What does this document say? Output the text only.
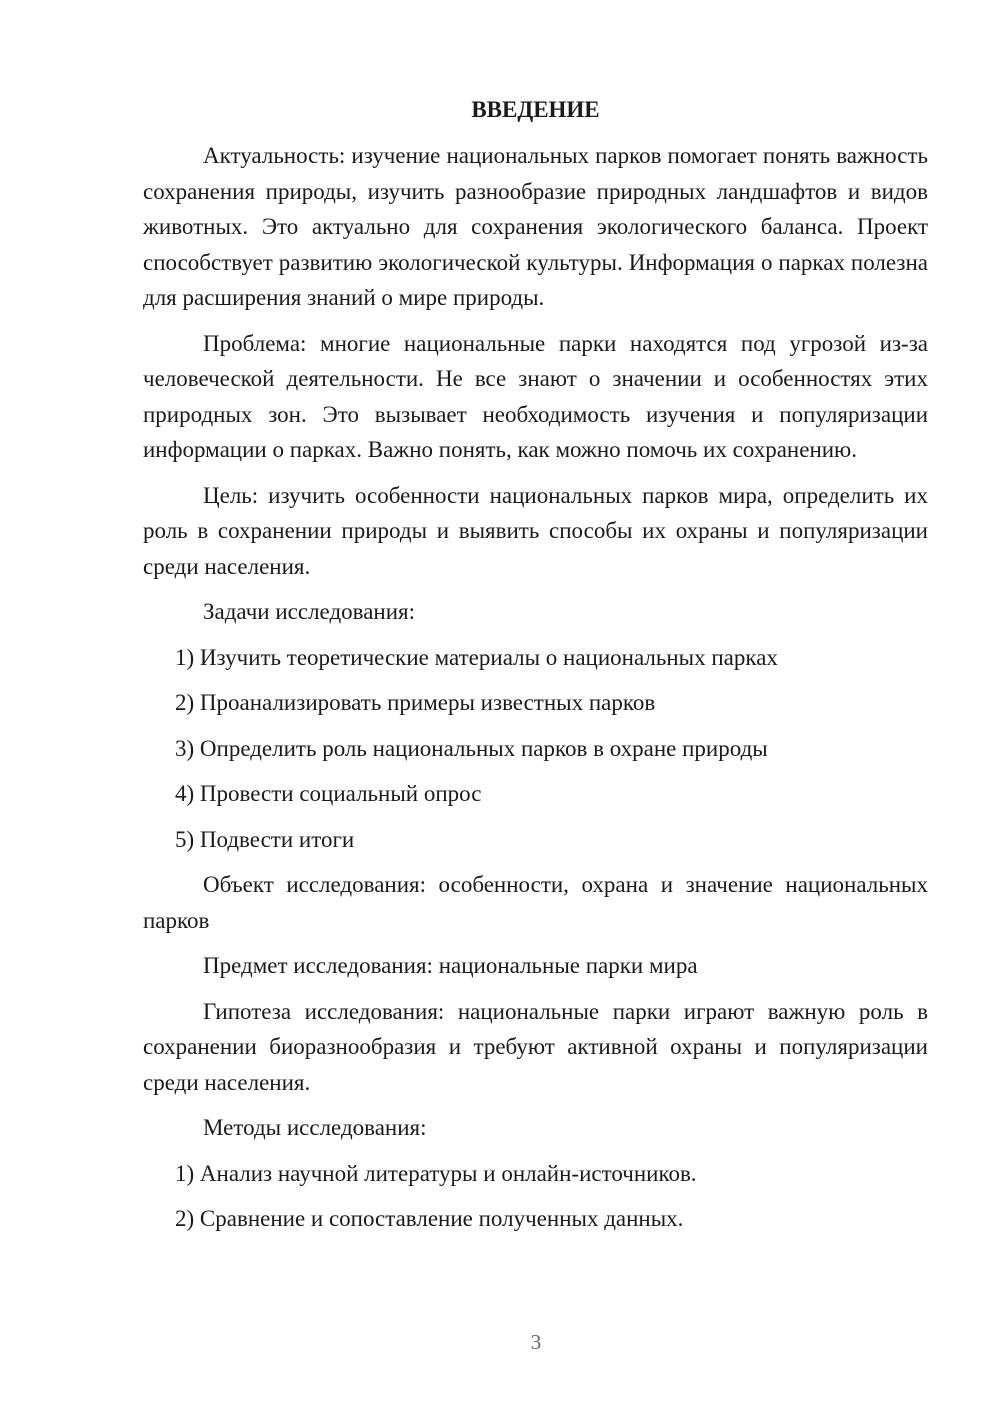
ВВЕДЕНИЕ

Актуальность: изучение национальных парков помогает понять важность сохранения природы, изучить разнообразие природных ландшафтов и видов животных. Это актуально для сохранения экологического баланса. Проект способствует развитию экологической культуры. Информация о парках полезна для расширения знаний о мире природы.

Проблема: многие национальные парки находятся под угрозой из-за человеческой деятельности. Не все знают о значении и особенностях этих природных зон. Это вызывает необходимость изучения и популяризации информации о парках. Важно понять, как можно помочь их сохранению.

Цель: изучить особенности национальных парков мира, определить их роль в сохранении природы и выявить способы их охраны и популяризации среди населения.

Задачи исследования:

1) Изучить теоретические материалы о национальных парках
2) Проанализировать примеры известных парков
3) Определить роль национальных парков в охране природы
4) Провести социальный опрос
5) Подвести итоги

Объект исследования: особенности, охрана и значение национальных парков

Предмет исследования: национальные парки мира

Гипотеза исследования: национальные парки играют важную роль в сохранении биоразнообразия и требуют активной охраны и популяризации среди населения.

Методы исследования:

1) Анализ научной литературы и онлайн-источников.
2) Сравнение и сопоставление полученных данных.
3
